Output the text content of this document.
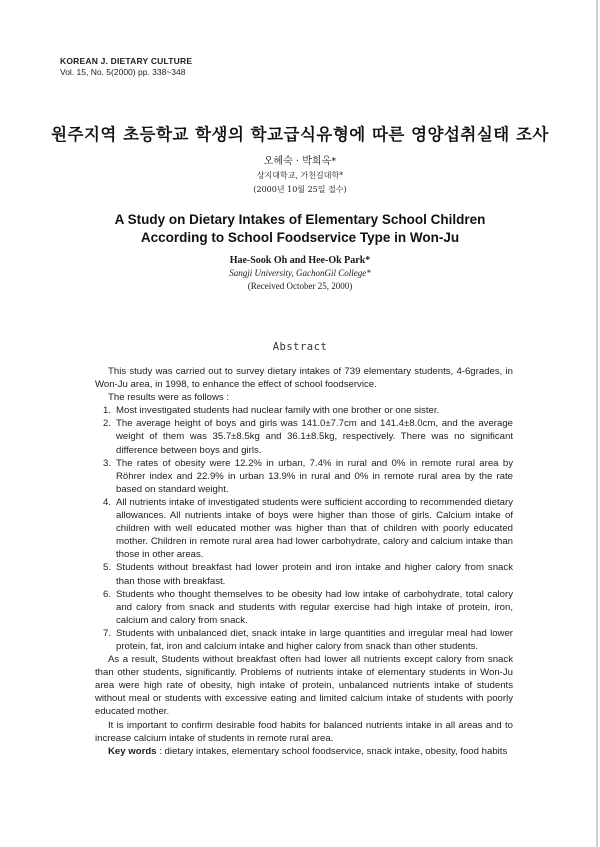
KOREAN J. DIETARY CULTURE
Vol. 15, No. 5(2000) pp. 338~348
원주지역 초등학교 학생의 학교급식유형에 따른 영양섭취실태 조사
오혜숙 · 박희옥*
상지대학교, 가천길대학*
(2000년 10월 25일 접수)
A Study on Dietary Intakes of Elementary School Children
According to School Foodservice Type in Won-Ju
Hae-Sook Oh and Hee-Ok Park*
Sangji University, GachonGil College*
(Received October 25, 2000)
Abstract

This study was carried out to survey dietary intakes of 739 elementary students, 4-6grades, in Won-Ju area, in 1998, to enhance the effect of school foodservice.

The results were as follows :

1. Most investigated students had nuclear family with one brother or one sister.
2. The average height of boys and girls was 141.0±7.7cm and 141.4±8.0cm, and the average weight of them was 35.7±8.5kg and 36.1±8.5kg, respectively. There was no significant difference between boys and girls.
3. The rates of obesity were 12.2% in urban, 7.4% in rural and 0% in remote rural area by Röhrer index and 22.9% in urban 13.9% in rural and 0% in remote rural area by the rate based on standard weight.
4. All nutrients intake of investigated students were sufficient according to recommended dietary allowances. All nutrients intake of boys were higher than those of girls. Calcium intake of children with well educated mother was higher than that of children with poorly educated mother. Children in remote rural area had lower carbohydrate, calory and calcium intake than those in other areas.
5. Students without breakfast had lower protein and iron intake and higher calory from snack than those with breakfast.
6. Students who thought themselves to be obesity had low intake of carbohydrate, total calory and calory from snack and students with regular exercise had high intake of protein, iron, calcium and calory from snack.
7. Students with unbalanced diet, snack intake in large quantities and irregular meal had lower protein, fat, iron and calcium intake and higher calory from snack than other students.

As a result, Students without breakfast often had lower all nutrients except calory from snack than other students, significantly. Problems of nutrients intake of elementary students in Won-Ju area were high rate of obesity, high intake of protein, unbalanced nutrients intake of students without meal or students with excessive eating and limited calcium intake of students with poorly educated mother.

It is important to confirm desirable food habits for balanced nutrients intake in all areas and to increase calcium intake of students in remote rural area.

Key words : dietary intakes, elementary school foodservice, snack intake, obesity, food habits
